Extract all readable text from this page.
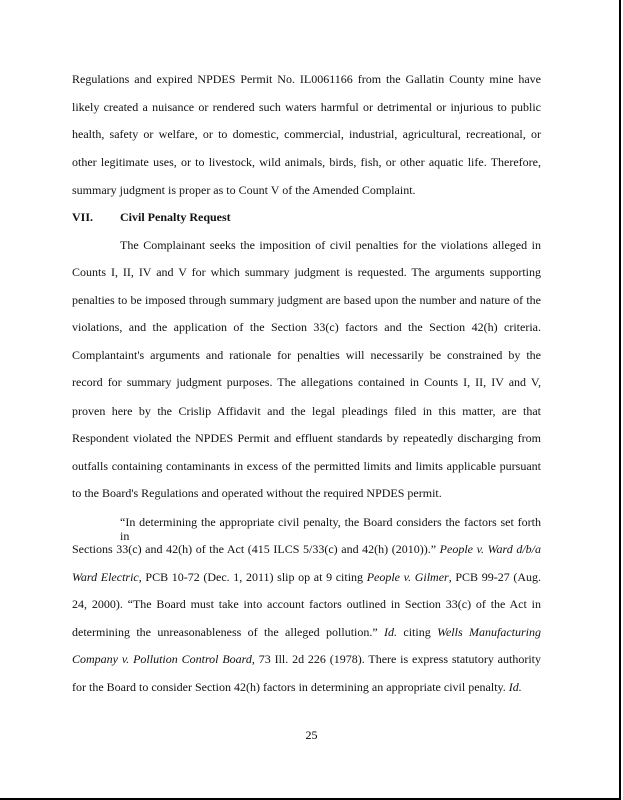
Regulations and expired NPDES Permit No. IL0061166 from the Gallatin County mine have
likely created a nuisance or rendered such waters harmful or detrimental or injurious to public
health, safety or welfare, or to domestic, commercial, industrial, agricultural, recreational, or
other legitimate uses, or to livestock, wild animals, birds, fish, or other aquatic life. Therefore,
summary judgment is proper as to Count V of the Amended Complaint.
VII. Civil Penalty Request
The Complainant seeks the imposition of civil penalties for the violations alleged in
Counts I, II, IV and V for which summary judgment is requested. The arguments supporting
penalties to be imposed through summary judgment are based upon the number and nature of the
violations, and the application of the Section 33(c) factors and the Section 42(h) criteria.
Complantaint's arguments and rationale for penalties will necessarily be constrained by the
record for summary judgment purposes. The allegations contained in Counts I, II, IV and V,
proven here by the Crislip Affidavit and the legal pleadings filed in this matter, are that
Respondent violated the NPDES Permit and effluent standards by repeatedly discharging from
outfalls containing contaminants in excess of the permitted limits and limits applicable pursuant
to the Board's Regulations and operated without the required NPDES permit.
“In determining the appropriate civil penalty, the Board considers the factors set forth in
Sections 33(c) and 42(h) of the Act (415 ILCS 5/33(c) and 42(h) (2010)).” People v. Ward d/b/a
Ward Electric, PCB 10-72 (Dec. 1, 2011) slip op at 9 citing People v. Gilmer, PCB 99-27 (Aug.
24, 2000). “The Board must take into account factors outlined in Section 33(c) of the Act in
determining the unreasonableness of the alleged pollution.” Id. citing Wells Manufacturing
Company v. Pollution Control Board, 73 Ill. 2d 226 (1978). There is express statutory authority
for the Board to consider Section 42(h) factors in determining an appropriate civil penalty. Id.
25
